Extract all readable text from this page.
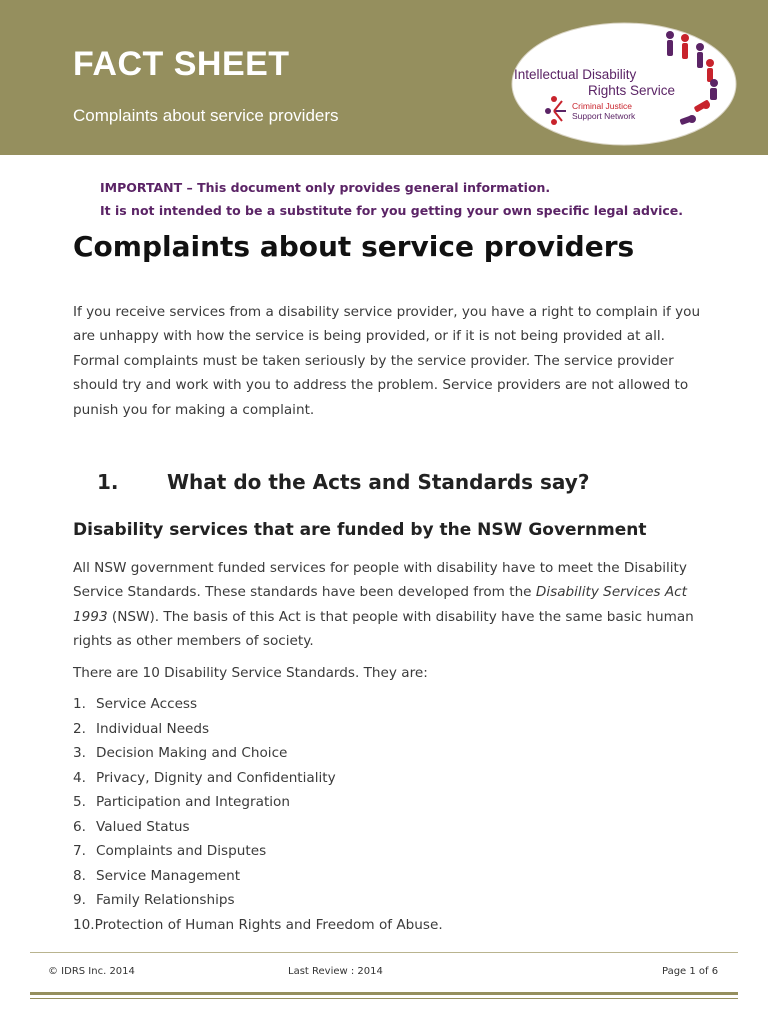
FACT SHEET
Complaints about service providers
Intellectual Disability
Rights Service
Criminal Justice
Support Network
IMPORTANT – This document only provides general information.
It is not intended to be a substitute for you getting your own specific legal advice.
Complaints about service providers

If you receive services from a disability service provider, you have a right to complain if you are unhappy with how the service is being provided, or if it is not being provided at all. Formal complaints must be taken seriously by the service provider. The service provider should try and work with you to address the problem. Service providers are not allowed to punish you for making a complaint.

1. What do the Acts and Standards say?
Disability services that are funded by the NSW Government

All NSW government funded services for people with disability have to meet the Disability Service Standards. These standards have been developed from the Disability Services Act 1993 (NSW). The basis of this Act is that people with disability have the same basic human rights as other members of society.

There are 10 Disability Service Standards. They are:

1. Service Access
2. Individual Needs
3. Decision Making and Choice
4. Privacy, Dignity and Confidentiality
5. Participation and Integration
6. Valued Status
7. Complaints and Disputes
8. Service Management
9. Family Relationships
10.Protection of Human Rights and Freedom of Abuse.
© IDRS Inc. 2014	Last Review : 2014	Page 1 of 6
